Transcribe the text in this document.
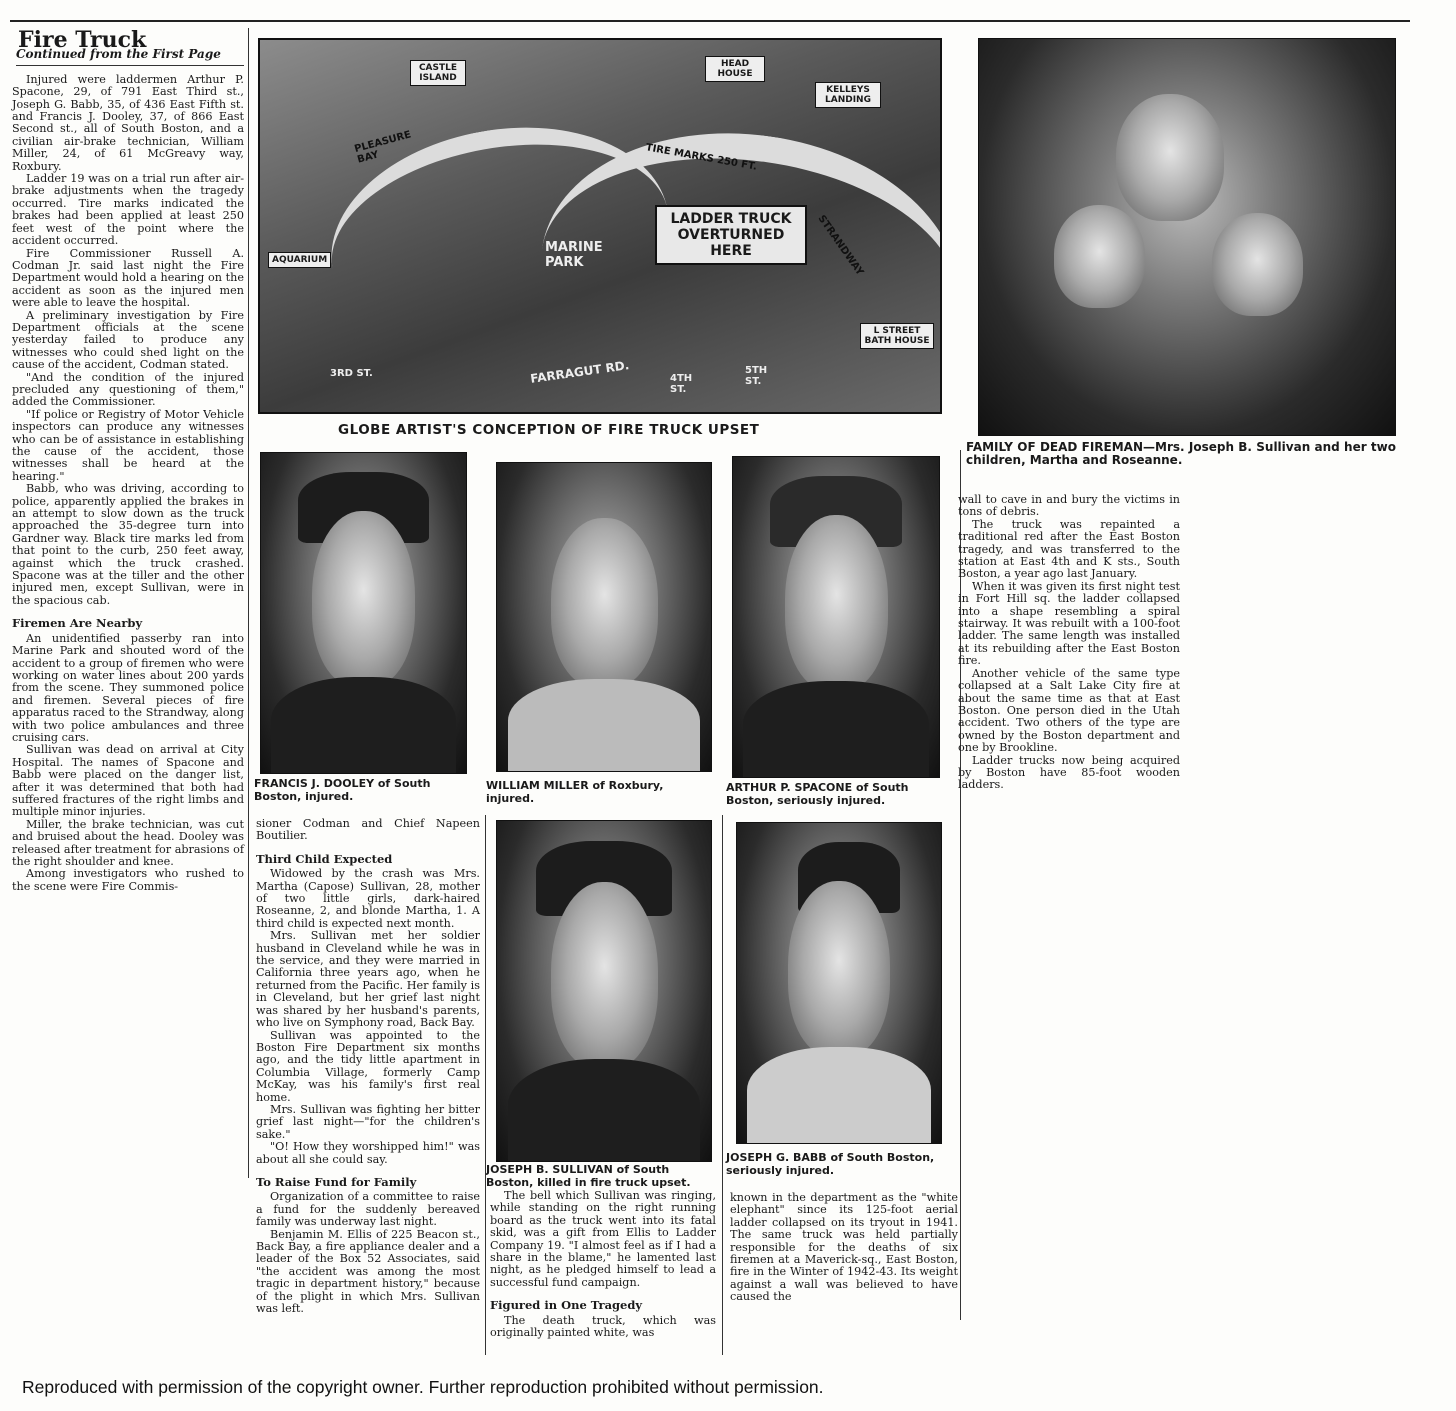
Fire Truck
Continued from the First Page

Injured were laddermen Arthur P. Spacone, 29, of 791 East Third st., Joseph G. Babb, 35, of 436 East Fifth st. and Francis J. Dooley, 37, of 866 East Second st., all of South Boston, and a civilian air-brake technician, William Miller, 24, of 61 McGreavy way, Roxbury.

Ladder 19 was on a trial run after air-brake adjustments when the tragedy occurred. Tire marks indicated the brakes had been applied at least 250 feet west of the point where the accident occurred.

Fire Commissioner Russell A. Codman Jr. said last night the Fire Department would hold a hearing on the accident as soon as the injured men were able to leave the hospital.

A preliminary investigation by Fire Department officials at the scene yesterday failed to produce any witnesses who could shed light on the cause of the accident, Codman stated.

"And the condition of the injured precluded any questioning of them," added the Commissioner.

"If police or Registry of Motor Vehicle inspectors can produce any witnesses who can be of assistance in establishing the cause of the accident, those witnesses shall be heard at the hearing."

Babb, who was driving, according to police, apparently applied the brakes in an attempt to slow down as the truck approached the 35-degree turn into Gardner way. Black tire marks led from that point to the curb, 250 feet away, against which the truck crashed. Spacone was at the tiller and the other injured men, except Sullivan, were in the spacious cab.

Firemen Are Nearby

An unidentified passerby ran into Marine Park and shouted word of the accident to a group of firemen who were working on water lines about 200 yards from the scene. They summoned police and firemen. Several pieces of fire apparatus raced to the Strandway, along with two police ambulances and three cruising cars.

Sullivan was dead on arrival at City Hospital. The names of Spacone and Babb were placed on the danger list, after it was determined that both had suffered fractures of the right limbs and multiple minor injuries.

Miller, the brake technician, was cut and bruised about the head. Dooley was released after treatment for abrasions of the right shoulder and knee.

Among investigators who rushed to the scene were Fire Commis-

CASTLE ISLAND
HEAD HOUSE
KELLEYS LANDING
PLEASURE BAY	TIRE MARKS 250 FT.
MARINE PARK
AQUARIUM
LADDER TRUCK OVERTURNED HERE	STRANDWAY
L STREET BATH HOUSE
FARRAGUT RD.
3RD ST.	4TH ST.
5TH ST.
GLOBE ARTIST'S CONCEPTION OF FIRE TRUCK UPSET
FAMILY OF DEAD FIREMAN—Mrs. Joseph B. Sullivan and her two children, Martha and Roseanne.
FRANCIS J. DOOLEY of South Boston, injured.
WILLIAM MILLER of Roxbury, injured.
ARTHUR P. SPACONE of South Boston, seriously injured.
JOSEPH B. SULLIVAN of South Boston, killed in fire truck upset.
JOSEPH G. BABB of South Boston, seriously injured.

sioner Codman and Chief Napeen Boutilier.

Third Child Expected

Widowed by the crash was Mrs. Martha (Capose) Sullivan, 28, mother of two little girls, dark-haired Roseanne, 2, and blonde Martha, 1. A third child is expected next month.

Mrs. Sullivan met her soldier husband in Cleveland while he was in the service, and they were married in California three years ago, when he returned from the Pacific. Her family is in Cleveland, but her grief last night was shared by her husband's parents, who live on Symphony road, Back Bay.

Sullivan was appointed to the Boston Fire Department six months ago, and the tidy little apartment in Columbia Village, formerly Camp McKay, was his family's first real home.

Mrs. Sullivan was fighting her bitter grief last night—"for the children's sake."

"O! How they worshipped him!" was about all she could say.

To Raise Fund for Family

Organization of a committee to raise a fund for the suddenly bereaved family was underway last night.

Benjamin M. Ellis of 225 Beacon st., Back Bay, a fire appliance dealer and a leader of the Box 52 Associates, said "the accident was among the most tragic in department history," because of the plight in which Mrs. Sullivan was left.

The bell which Sullivan was ringing, while standing on the right running board as the truck went into its fatal skid, was a gift from Ellis to Ladder Company 19. "I almost feel as if I had a share in the blame," he lamented last night, as he pledged himself to lead a successful fund campaign.

Figured in One Tragedy

The death truck, which was originally painted white, was

known in the department as the "white elephant" since its 125-foot aerial ladder collapsed on its tryout in 1941. The same truck was held partially responsible for the deaths of six firemen at a Maverick-sq., East Boston, fire in the Winter of 1942-43. Its weight against a wall was believed to have caused the

wall to cave in and bury the victims in tons of debris.

The truck was repainted a traditional red after the East Boston tragedy, and was transferred to the station at East 4th and K sts., South Boston, a year ago last January.

When it was given its first night test in Fort Hill sq. the ladder collapsed into a shape resembling a spiral stairway. It was rebuilt with a 100-foot ladder. The same length was installed at its rebuilding after the East Boston fire.

Another vehicle of the same type collapsed at a Salt Lake City fire at about the same time as that at East Boston. One person died in the Utah accident. Two others of the type are owned by the Boston department and one by Brookline.

Ladder trucks now being acquired by Boston have 85-foot wooden ladders.

Reproduced with permission of the copyright owner. Further reproduction prohibited without permission.
